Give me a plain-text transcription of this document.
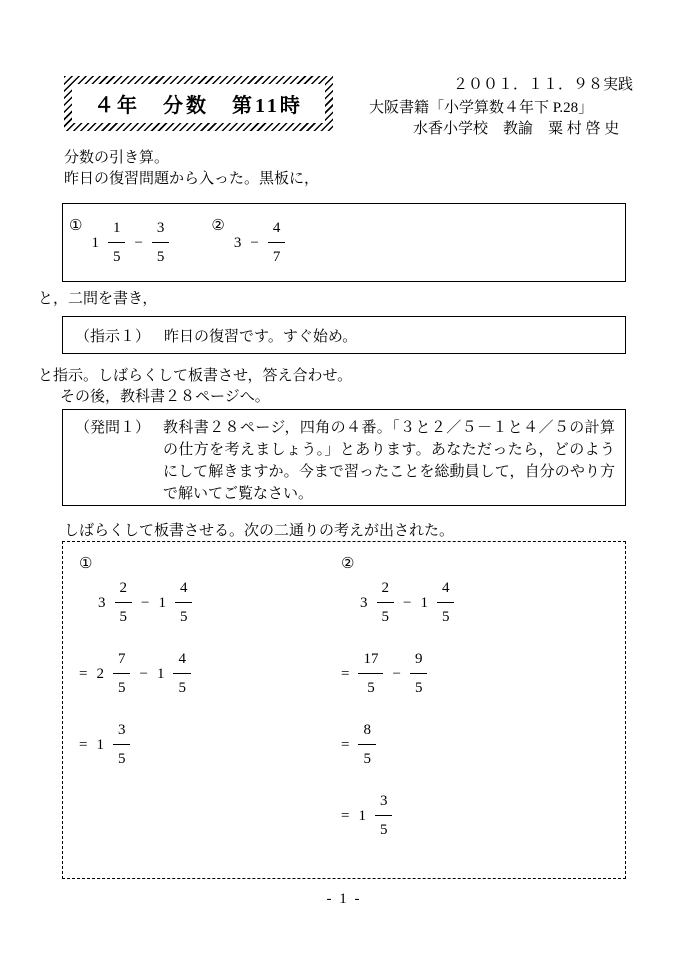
２００１．１１．９８実践
大阪書籍「小学算数４年下 P.28」
水香小学校　教諭　粟 村 啓 史
４年　分数　第11時
分数の引き算。
昨日の復習問題から入った。黒板に，
①
$1 \frac{1}{5} - \frac{3}{5}$	②
$3 - \frac{4}{7}$
と，二問を書き，
（指示１） 昨日の復習です。すぐ始め。
と指示。しばらくして板書させ，答え合わせ。
その後，教科書２８ページへ。
（発問１） 教科書２８ページ，四角の４番。「３と２／５－１と４／５の計算の仕方を考えましょう。」とあります。あなただったら，どのようにして解きますか。今まで習ったことを総動員して，自分のやり方で解いてご覧なさい。
しばらくして板書させる。次の二通りの考えが出された。
①
$3 \frac{2}{5} - 1 \frac{4}{5}$
= $2 \frac{7}{5} - 1 \frac{4}{5}$
= $1 \frac{3}{5}$
②
$3 \frac{2}{5} - 1 \frac{4}{5}$
= $\frac{17}{5} - \frac{9}{5}$
= $\frac{8}{5}$
= $1 \frac{3}{5}$
- 1 -
